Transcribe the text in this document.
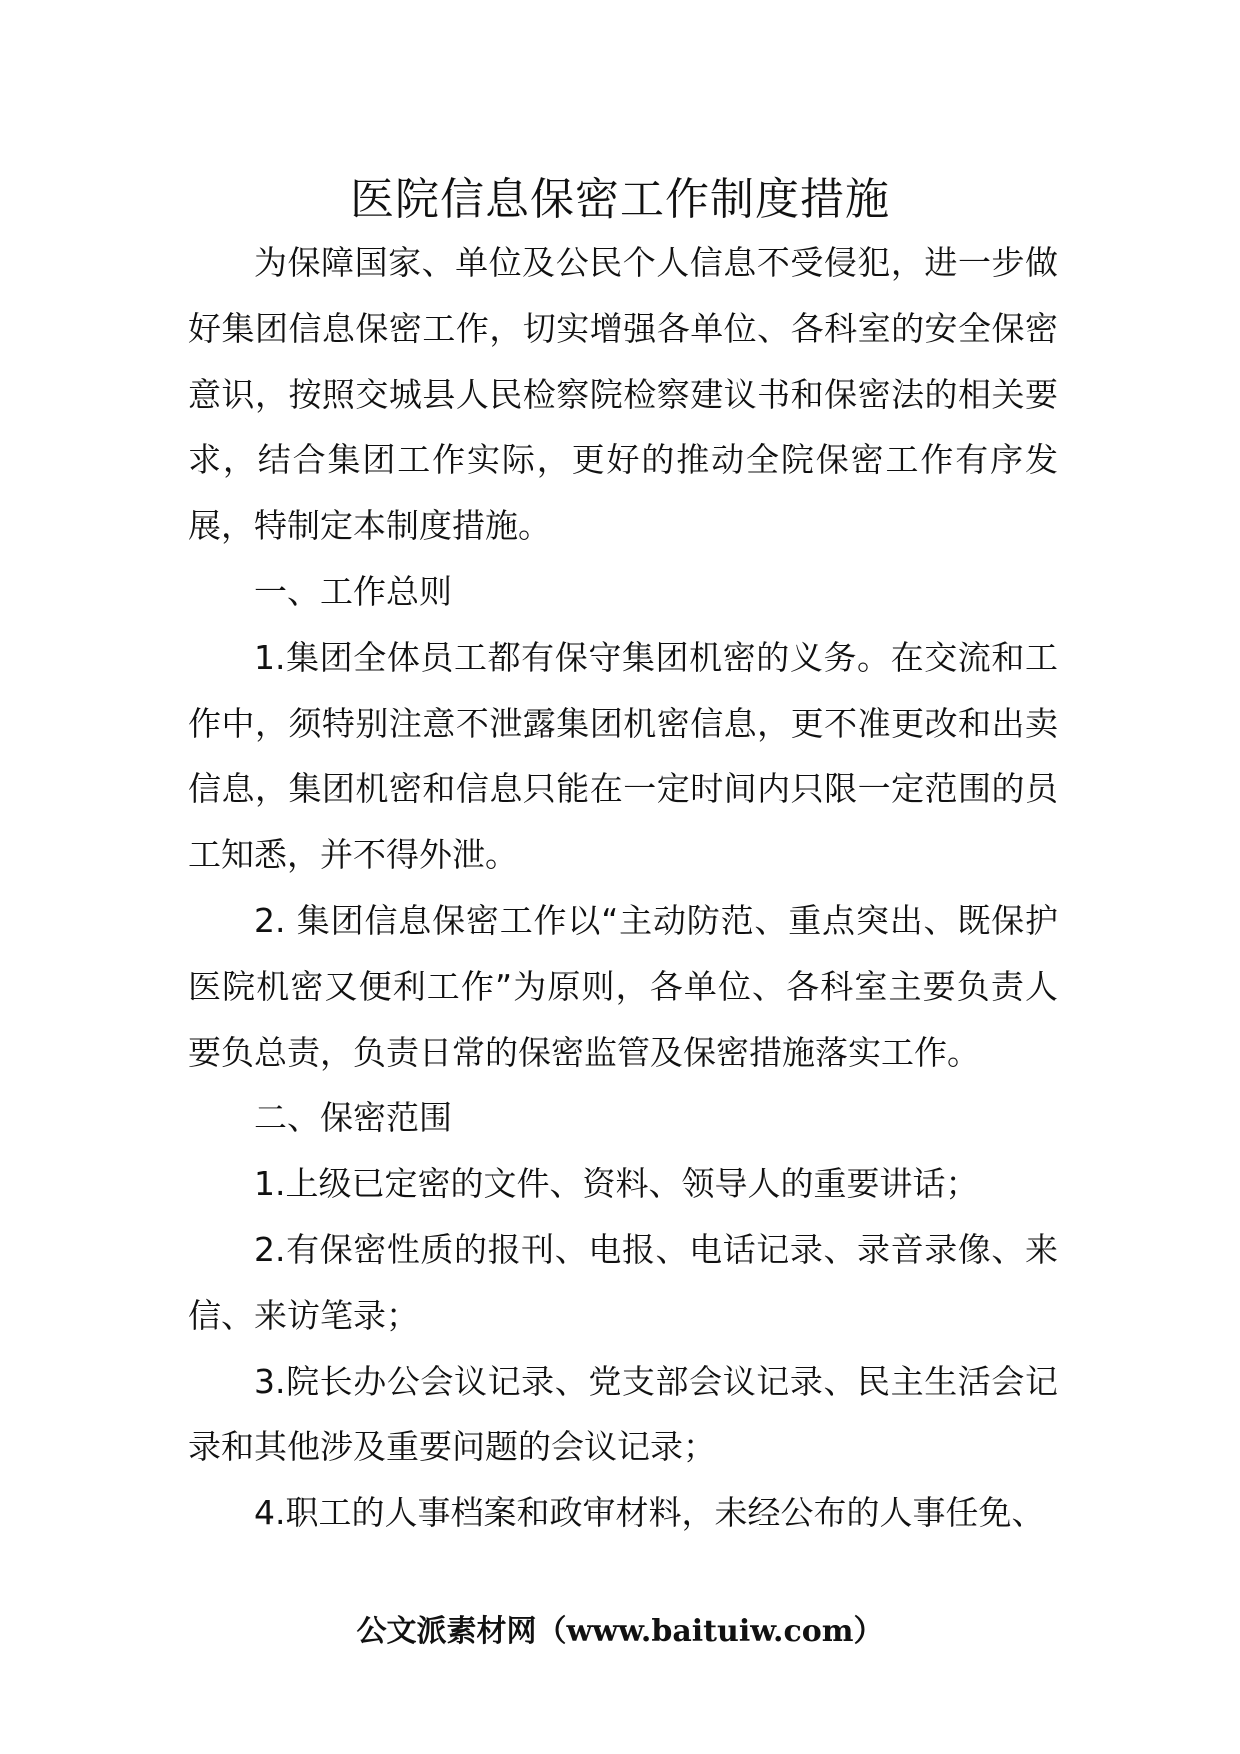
医院信息保密工作制度措施

为保障国家、单位及公民个人信息不受侵犯，进一步做好集团信息保密工作，切实增强各单位、各科室的安全保密意识，按照交城县人民检察院检察建议书和保密法的相关要求，结合集团工作实际，更好的推动全院保密工作有序发展，特制定本制度措施。

一、工作总则

1.集团全体员工都有保守集团机密的义务。在交流和工作中，须特别注意不泄露集团机密信息，更不准更改和出卖信息，集团机密和信息只能在一定时间内只限一定范围的员工知悉，并不得外泄。

2. 集团信息保密工作以“主动防范、重点突出、既保护医院机密又便利工作”为原则，各单位、各科室主要负责人要负总责，负责日常的保密监管及保密措施落实工作。

二、保密范围

1.上级已定密的文件、资料、领导人的重要讲话；

2.有保密性质的报刊、电报、电话记录、录音录像、来信、来访笔录；

3.院长办公会议记录、党支部会议记录、民主生活会记录和其他涉及重要问题的会议记录；

4.职工的人事档案和政审材料，未经公布的人事任免、

公文派素材网（www.baituiw.com）
